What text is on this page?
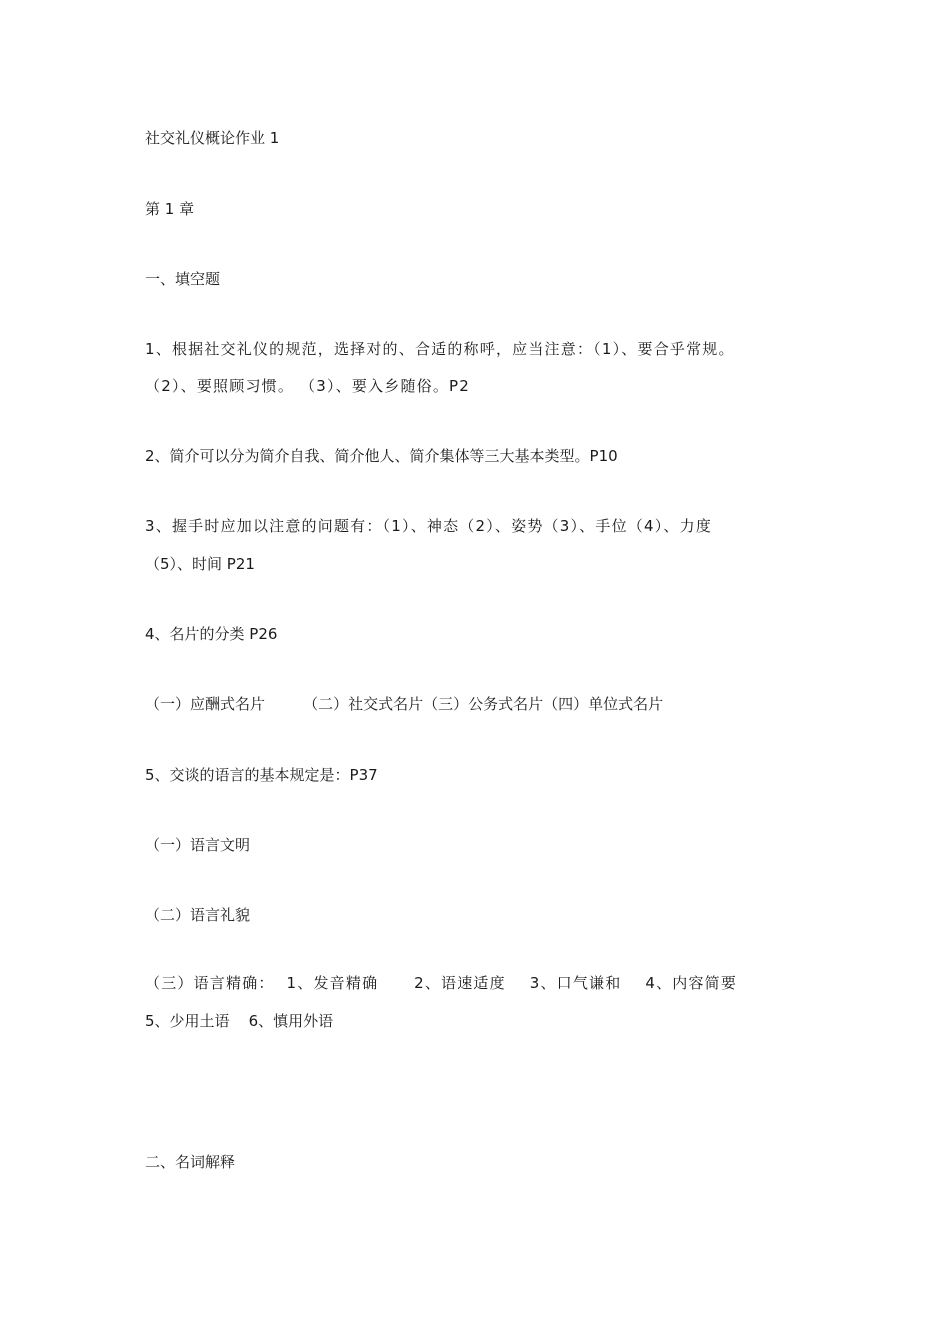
社交礼仪概论作业 1
第 1 章
一、填空题
1、根据社交礼仪的规范，选择对的、合适的称呼，应当注意：（1）、要合乎常规。
（2）、要照顾习惯。 （3）、要入乡随俗。P2
2、简介可以分为简介自我、简介他人、简介集体等三大基本类型。P10
3、握手时应加以注意的问题有：（1）、神态（2）、姿势（3）、手位（4）、力度
（5）、时间 P21
4、名片的分类 P26
（一）应酬式名片        （二）社交式名片（三）公务式名片（四）单位式名片
5、交谈的语言的基本规定是：P37
（一）语言文明
（二）语言礼貌
（三）语言精确：  1、发音精确      2、语速适度    3、口气谦和    4、内容简要
5、少用土语    6、慎用外语
二、名词解释
